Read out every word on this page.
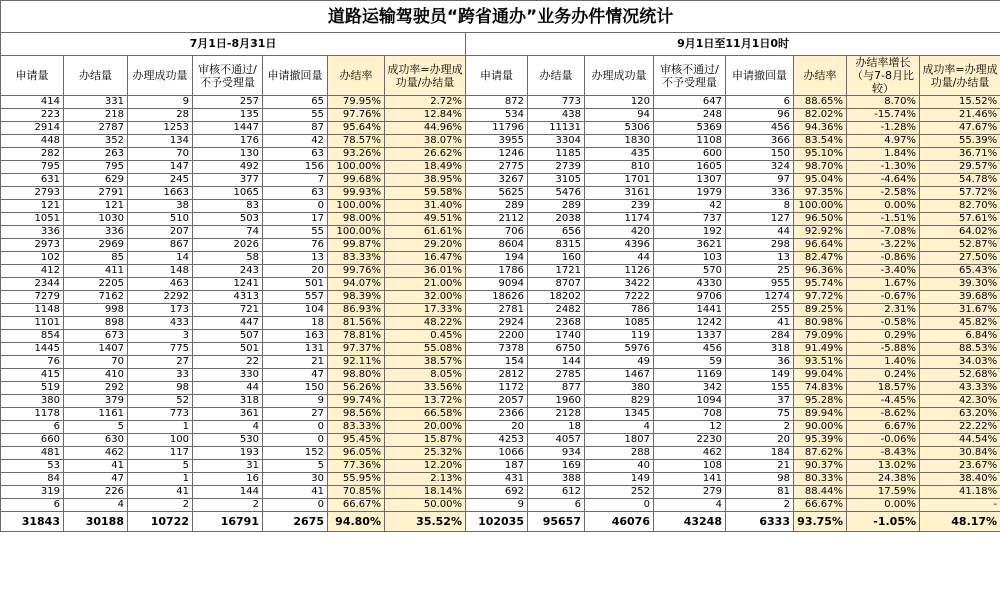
道路运输驾驶员“跨省通办”业务办件情况统计														
7月1日-8月31日							9月1日至11月1日0时							
申请量	办结量	办理成功量	审核不通过/不予受理量	申请撤回量	办结率	成功率=办理成功量/办结量	申请量	办结量	办理成功量	审核不通过/不予受理量	申请撤回量	办结率	办结率增长（与7-8月比较）	成功率=办理成功量/办结量
414	331	9	257	65	79.95%	2.72%	872	773	120	647	6	88.65%	8.70%	15.52%
223	218	28	135	55	97.76%	12.84%	534	438	94	248	96	82.02%	-15.74%	21.46%
2914	2787	1253	1447	87	95.64%	44.96%	11796	11131	5306	5369	456	94.36%	-1.28%	47.67%
448	352	134	176	42	78.57%	38.07%	3955	3304	1830	1108	366	83.54%	4.97%	55.39%
282	263	70	130	63	93.26%	26.62%	1246	1185	435	600	150	95.10%	1.84%	36.71%
795	795	147	492	156	100.00%	18.49%	2775	2739	810	1605	324	98.70%	-1.30%	29.57%
631	629	245	377	7	99.68%	38.95%	3267	3105	1701	1307	97	95.04%	-4.64%	54.78%
2793	2791	1663	1065	63	99.93%	59.58%	5625	5476	3161	1979	336	97.35%	-2.58%	57.72%
121	121	38	83	0	100.00%	31.40%	289	289	239	42	8	100.00%	0.00%	82.70%
1051	1030	510	503	17	98.00%	49.51%	2112	2038	1174	737	127	96.50%	-1.51%	57.61%
336	336	207	74	55	100.00%	61.61%	706	656	420	192	44	92.92%	-7.08%	64.02%
2973	2969	867	2026	76	99.87%	29.20%	8604	8315	4396	3621	298	96.64%	-3.22%	52.87%
102	85	14	58	13	83.33%	16.47%	194	160	44	103	13	82.47%	-0.86%	27.50%
412	411	148	243	20	99.76%	36.01%	1786	1721	1126	570	25	96.36%	-3.40%	65.43%
2344	2205	463	1241	501	94.07%	21.00%	9094	8707	3422	4330	955	95.74%	1.67%	39.30%
7279	7162	2292	4313	557	98.39%	32.00%	18626	18202	7222	9706	1274	97.72%	-0.67%	39.68%
1148	998	173	721	104	86.93%	17.33%	2781	2482	786	1441	255	89.25%	2.31%	31.67%
1101	898	433	447	18	81.56%	48.22%	2924	2368	1085	1242	41	80.98%	-0.58%	45.82%
854	673	3	507	163	78.81%	0.45%	2200	1740	119	1337	284	79.09%	0.29%	6.84%
1445	1407	775	501	131	97.37%	55.08%	7378	6750	5976	456	318	91.49%	-5.88%	88.53%
76	70	27	22	21	92.11%	38.57%	154	144	49	59	36	93.51%	1.40%	34.03%
415	410	33	330	47	98.80%	8.05%	2812	2785	1467	1169	149	99.04%	0.24%	52.68%
519	292	98	44	150	56.26%	33.56%	1172	877	380	342	155	74.83%	18.57%	43.33%
380	379	52	318	9	99.74%	13.72%	2057	1960	829	1094	37	95.28%	-4.45%	42.30%
1178	1161	773	361	27	98.56%	66.58%	2366	2128	1345	708	75	89.94%	-8.62%	63.20%
6	5	1	4	0	83.33%	20.00%	20	18	4	12	2	90.00%	6.67%	22.22%
660	630	100	530	0	95.45%	15.87%	4253	4057	1807	2230	20	95.39%	-0.06%	44.54%
481	462	117	193	152	96.05%	25.32%	1066	934	288	462	184	87.62%	-8.43%	30.84%
53	41	5	31	5	77.36%	12.20%	187	169	40	108	21	90.37%	13.02%	23.67%
84	47	1	16	30	55.95%	2.13%	431	388	149	141	98	80.33%	24.38%	38.40%
319	226	41	144	41	70.85%	18.14%	692	612	252	279	81	88.44%	17.59%	41.18%
6	4	2	2	0	66.67%	50.00%	9	6	0	4	2	66.67%	0.00%	-
31843	30188	10722	16791	2675	94.80%	35.52%	102035	95657	46076	43248	6333	93.75%	-1.05%	48.17%
